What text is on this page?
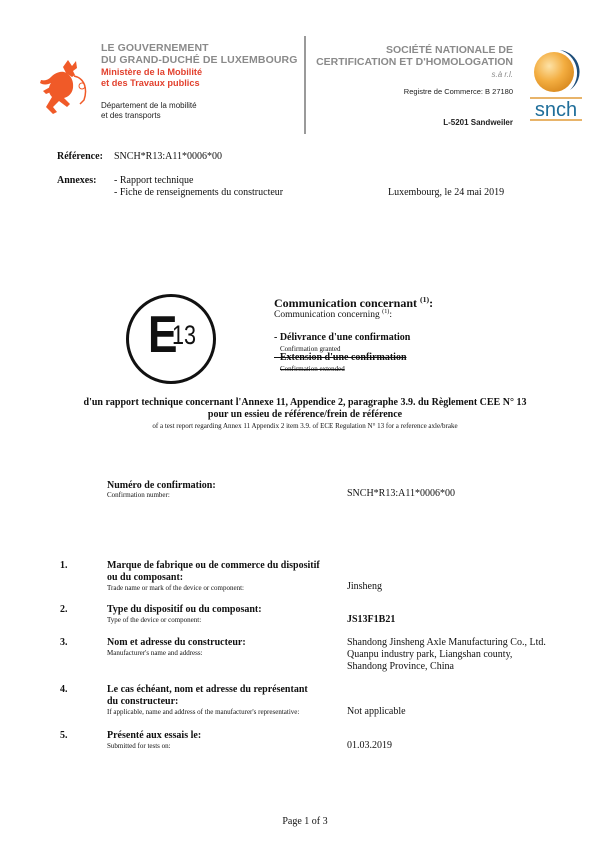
LE GOUVERNEMENT
DU GRAND-DUCHÉ DE LUXEMBOURG
Ministère de la Mobilité
et des Travaux publics
Département de la mobilité
et des transports
SOCIÉTÉ NATIONALE DE
CERTIFICATION ET D'HOMOLOGATION
s.à r.l.
Registre de Commerce: B 27180
L-5201 Sandweiler
snch
Référence: SNCH*R13:A11*0006*00
Annexes: - Rapport technique
- Fiche de renseignements du constructeur	Luxembourg, le 24 mai 2019
E
13
Communication concernant $^{(1)}$:
Communication concerning $^{(1)}$:
- Délivrance d'une confirmation
Confirmation granted
- Extension d'une confirmation
Confirmation extended
d'un rapport technique concernant l'Annexe 11, Appendice 2, paragraphe 3.9. du Règlement CEE N° 13
pour un essieu de référence/frein de référence
of a test report regarding Annex 11 Appendix 2 item 3.9. of ECE Regulation N° 13 for a reference axle/brake
Numéro de confirmation:
Confirmation number:	SNCH*R13:A11*0006*00
1.	Marque de fabrique ou de commerce du dispositif
ou du composant:
Trade name or mark of the device or component:	Jinsheng
2.	Type du dispositif ou du composant:
Type of the device or component:	JS13F1B21
3.	Nom et adresse du constructeur:
Manufacturer's name and address:
Shandong Jinsheng Axle Manufacturing Co., Ltd.
Quanpu industry park, Liangshan county,
Shandong Province, China
4.	Le cas échéant, nom et adresse du représentant
du constructeur:
If applicable, name and address of the manufacturer's representative:	Not applicable
5.	Présenté aux essais le:
Submitted for tests on:	01.03.2019
Page 1 of 3
